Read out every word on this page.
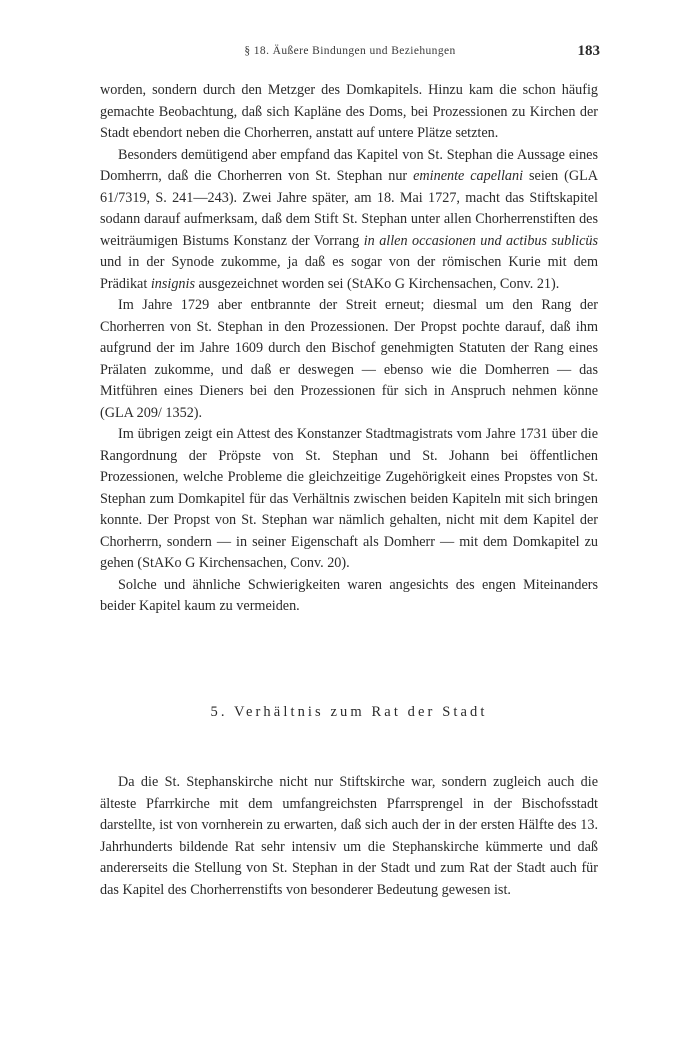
§ 18. Äußere Bindungen und Beziehungen	183

worden, sondern durch den Metzger des Domkapitels. Hinzu kam die schon häufig gemachte Beobachtung, daß sich Kapläne des Doms, bei Prozessionen zu Kirchen der Stadt ebendort neben die Chorherren, anstatt auf untere Plätze setzten.

Besonders demütigend aber empfand das Kapitel von St. Stephan die Aussage eines Domherrn, daß die Chorherren von St. Stephan nur eminente capellani seien (GLA 61/7319, S. 241—243). Zwei Jahre später, am 18. Mai 1727, macht das Stiftskapitel sodann darauf aufmerksam, daß dem Stift St. Stephan unter allen Chorherrenstiften des weiträumigen Bistums Konstanz der Vorrang in allen occasionen und actibus sublicüs und in der Synode zukomme, ja daß es sogar von der römischen Kurie mit dem Prädikat insignis ausgezeichnet worden sei (StAKo G Kirchensachen, Conv. 21).

Im Jahre 1729 aber entbrannte der Streit erneut; diesmal um den Rang der Chorherren von St. Stephan in den Prozessionen. Der Propst pochte darauf, daß ihm aufgrund der im Jahre 1609 durch den Bischof genehmigten Statuten der Rang eines Prälaten zukomme, und daß er deswegen — ebenso wie die Domherren — das Mitführen eines Dieners bei den Prozessionen für sich in Anspruch nehmen könne (GLA 209/ 1352).

Im übrigen zeigt ein Attest des Konstanzer Stadtmagistrats vom Jahre 1731 über die Rangordnung der Pröpste von St. Stephan und St. Johann bei öffentlichen Prozessionen, welche Probleme die gleichzeitige Zugehörigkeit eines Propstes von St. Stephan zum Domkapitel für das Verhältnis zwischen beiden Kapiteln mit sich bringen konnte. Der Propst von St. Stephan war nämlich gehalten, nicht mit dem Kapitel der Chorherrn, sondern — in seiner Eigenschaft als Domherr — mit dem Domkapitel zu gehen (StAKo G Kirchensachen, Conv. 20).

Solche und ähnliche Schwierigkeiten waren angesichts des engen Miteinanders beider Kapitel kaum zu vermeiden.

5. Verhältnis zum Rat der Stadt

Da die St. Stephanskirche nicht nur Stiftskirche war, sondern zugleich auch die älteste Pfarrkirche mit dem umfangreichsten Pfarrsprengel in der Bischofsstadt darstellte, ist von vornherein zu erwarten, daß sich auch der in der ersten Hälfte des 13. Jahrhunderts bildende Rat sehr intensiv um die Stephanskirche kümmerte und daß andererseits die Stellung von St. Stephan in der Stadt und zum Rat der Stadt auch für das Kapitel des Chorherrenstifts von besonderer Bedeutung gewesen ist.
